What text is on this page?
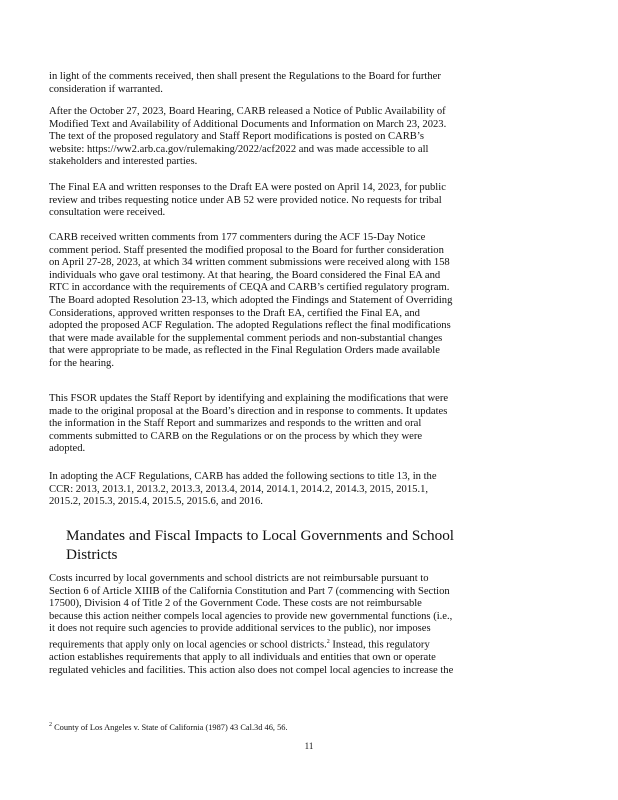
in light of the comments received, then shall present the Regulations to the Board for further
consideration if warranted.

After the October 27, 2023, Board Hearing, CARB released a Notice of Public Availability of
Modified Text and Availability of Additional Documents and Information on March 23, 2023.
The text of the proposed regulatory and Staff Report modifications is posted on CARB’s
website: https://ww2.arb.ca.gov/rulemaking/2022/acf2022 and was made accessible to all
stakeholders and interested parties.

The Final EA and written responses to the Draft EA were posted on April 14, 2023, for public
review and tribes requesting notice under AB 52 were provided notice. No requests for tribal
consultation were received.

CARB received written comments from 177 commenters during the ACF 15-Day Notice
comment period. Staff presented the modified proposal to the Board for further consideration
on April 27-28, 2023, at which 34 written comment submissions were received along with 158
individuals who gave oral testimony. At that hearing, the Board considered the Final EA and
RTC in accordance with the requirements of CEQA and CARB’s certified regulatory program.
The Board adopted Resolution 23-13, which adopted the Findings and Statement of Overriding
Considerations, approved written responses to the Draft EA, certified the Final EA, and
adopted the proposed ACF Regulation. The adopted Regulations reflect the final modifications
that were made available for the supplemental comment periods and non-substantial changes
that were appropriate to be made, as reflected in the Final Regulation Orders made available
for the hearing.

This FSOR updates the Staff Report by identifying and explaining the modifications that were
made to the original proposal at the Board’s direction and in response to comments. It updates
the information in the Staff Report and summarizes and responds to the written and oral
comments submitted to CARB on the Regulations or on the process by which they were
adopted.

In adopting the ACF Regulations, CARB has added the following sections to title 13, in the
CCR: 2013, 2013.1, 2013.2, 2013.3, 2013.4, 2014, 2014.1, 2014.2, 2014.3, 2015, 2015.1,
2015.2, 2015.3, 2015.4, 2015.5, 2015.6, and 2016.

Mandates and Fiscal Impacts to Local Governments and School
Districts

Costs incurred by local governments and school districts are not reimbursable pursuant to
Section 6 of Article XIIIB of the California Constitution and Part 7 (commencing with Section
17500), Division 4 of Title 2 of the Government Code. These costs are not reimbursable
because this action neither compels local agencies to provide new governmental functions (i.e.,
it does not require such agencies to provide additional services to the public), nor imposes
requirements that apply only on local agencies or school districts.$^2$ Instead, this regulatory
action establishes requirements that apply to all individuals and entities that own or operate
regulated vehicles and facilities. This action also does not compel local agencies to increase the

$^2$ County of Los Angeles v. State of California (1987) 43 Cal.3d 46, 56.
11
